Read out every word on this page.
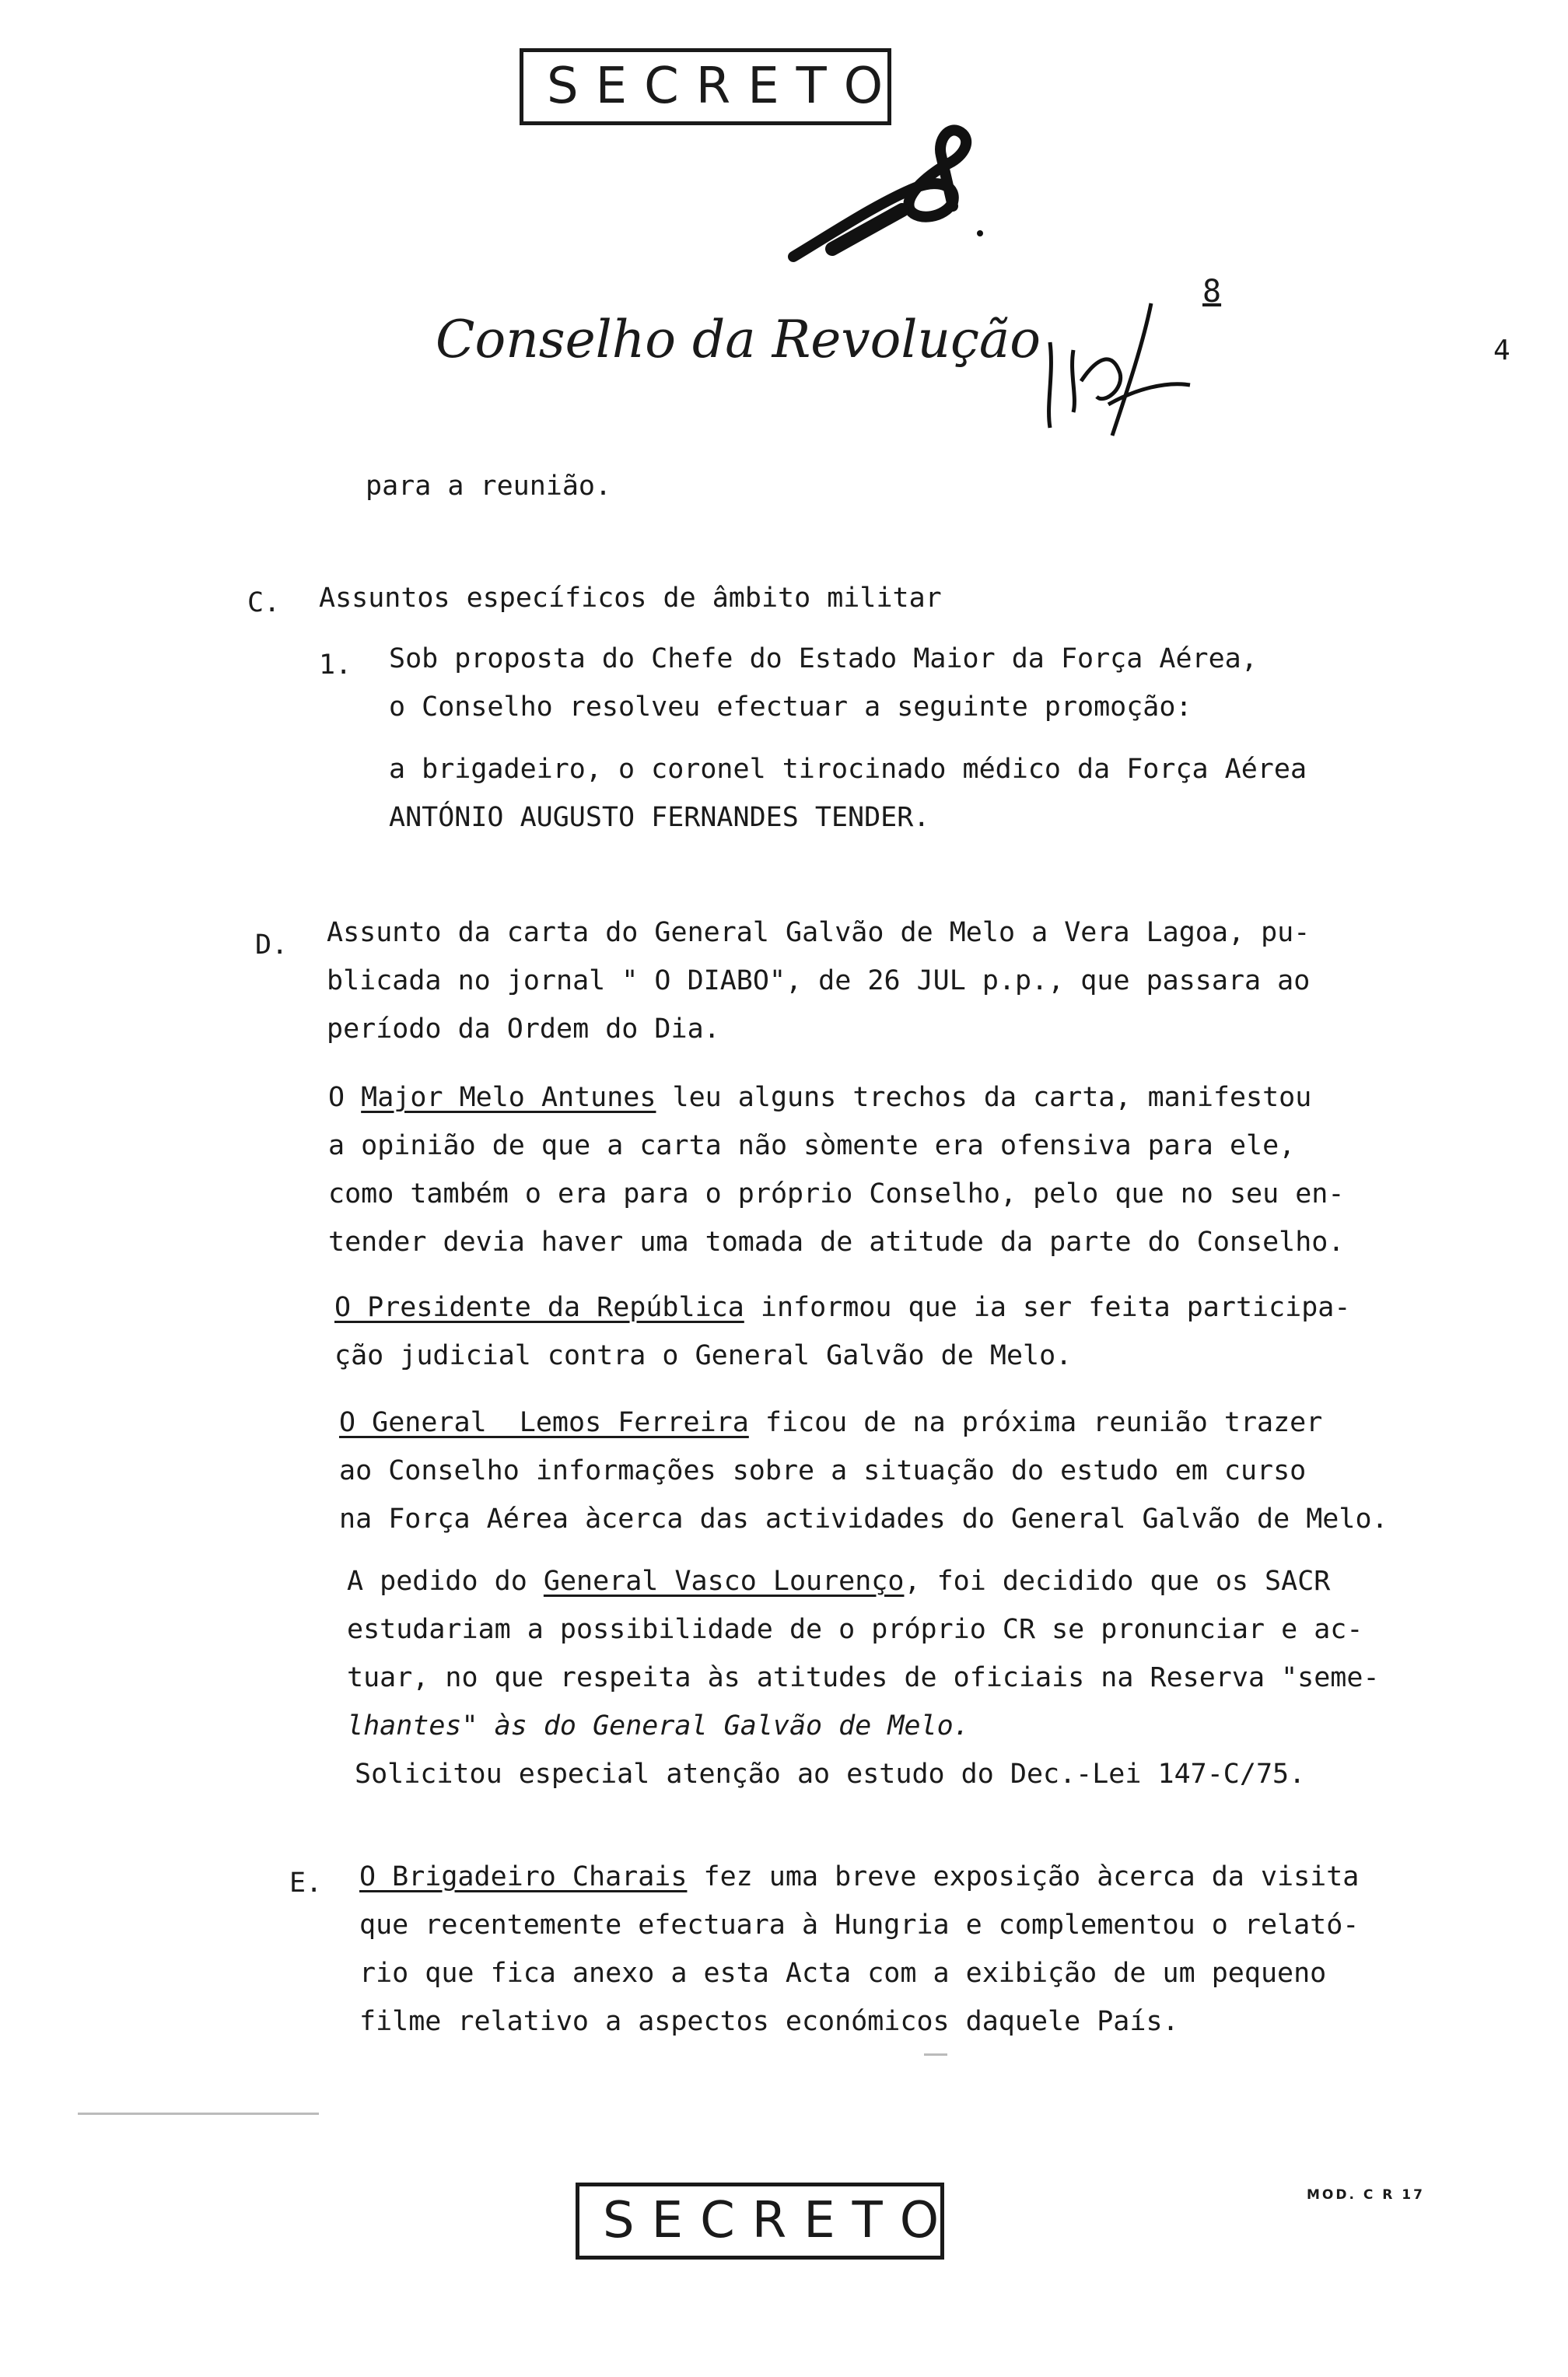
SECRETO
Conselho da Revolução
8
4
para a reunião.
C. Assuntos específicos de âmbito militar
1. Sob proposta do Chefe do Estado Maior da Força Aérea,
o Conselho resolveu efectuar a seguinte promoção:
a brigadeiro, o coronel tirocinado médico da Força Aérea
ANTÓNIO AUGUSTO FERNANDES TENDER.
D. Assunto da carta do General Galvão de Melo a Vera Lagoa, pu-
blicada no jornal " O DIABO", de 26 JUL p.p., que passara ao
período da Ordem do Dia.
O Major Melo Antunes leu alguns trechos da carta, manifestou
a opinião de que a carta não sòmente era ofensiva para ele,
como também o era para o próprio Conselho, pelo que no seu en-
tender devia haver uma tomada de atitude da parte do Conselho.
O Presidente da República informou que ia ser feita participa-
ção judicial contra o General Galvão de Melo.
O General  Lemos Ferreira ficou de na próxima reunião trazer
ao Conselho informações sobre a situação do estudo em curso
na Força Aérea àcerca das actividades do General Galvão de Melo.
A pedido do General Vasco Lourenço, foi decidido que os SACR
estudariam a possibilidade de o próprio CR se pronunciar e ac-
tuar, no que respeita às atitudes de oficiais na Reserva "seme-
lhantes" às do General Galvão de Melo.
Solicitou especial atenção ao estudo do Dec.-Lei 147-C/75.
E. O Brigadeiro Charais fez uma breve exposição àcerca da visita
que recentemente efectuara à Hungria e complementou o relató-
rio que fica anexo a esta Acta com a exibição de um pequeno
filme relativo a aspectos económicos daquele País.
SECRETO	MOD. C R 17
